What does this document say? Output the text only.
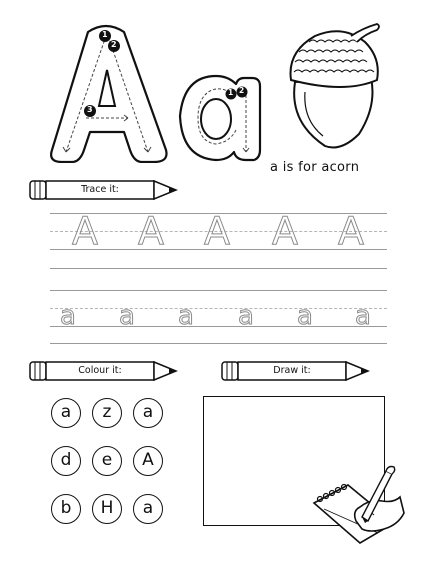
1
2
3
1 2
a is for acorn
Trace it:
A A A A A
a a a a a a
Colour it:	Draw it:
a	z	a
d	e	A
b	H	a
